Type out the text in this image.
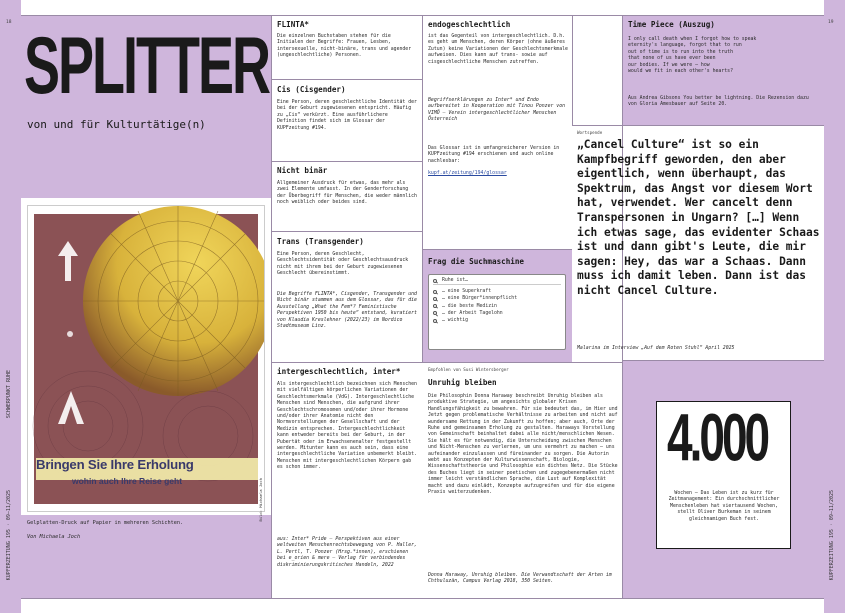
18	19
SCHWERPUNKT RUHE
KUPFERZEITUNG 195 · 09–11/2025	KUPFERZEITUNG 195 · 09–11/2025
SPLITTER
von und für Kulturtätige(n)
Bringen Sie Ihre Erholung
wohin auch Ihre Reise geht	Bild: Michaela Joch
Gelplatten-Druck auf Papier in mehreren Schichten.
Von Michaela Joch
FLINTA*
Die einzelnen Buchstaben stehen für die Initialen der Begriffe: Frauen, Lesben, intersexuelle, nicht-binäre, trans und agender (ungeschlechtliche) Personen.
Cis (Cisgender)
Eine Person, deren geschlechtliche Identität der bei der Geburt zugewiesenen entspricht. Häufig zu „Cis“ verkürzt. Eine ausführlichere Definition findet sich im Glossar der KUPFzeitung #194.
Nicht binär
Allgemeiner Ausdruck für etwas, das mehr als zwei Elemente umfasst. In der Genderforschung der Überbegriff für Menschen, die weder männlich noch weiblich oder beides sind.
Trans (Transgender)
Eine Person, deren Geschlecht, Geschlechtsidentität oder Geschlechtsausdruck nicht mit ihrem bei der Geburt zugewiesenen Geschlecht übereinstimmt.
Die Begriffe FLINTA*, Cisgender, Transgender und Nicht binär stammen aus dem Glossar, das für die Ausstellung „What the Fem*? Feministische Perspektiven 1950 bis heute“ entstand, kuratiert von Klaudia Kreslehner (2022/23) im Nordico Stadtmuseum Linz.
intergeschlechtlich, inter*
Als intergeschlechtlich bezeichnen sich Menschen mit vielfältigen körperlichen Variationen der Geschlechtsmerkmale (VdG). Intergeschlechtliche Menschen sind Menschen, die aufgrund ihrer Geschlechtschromosomen und/oder ihrer Hormone und/oder ihrer Anatomie nicht den Normvorstellungen der Gesellschaft und der Medizin entsprechen. Intergeschlechtlichkeit kann entweder bereits bei der Geburt, in der Pubertät oder im Erwachsenenalter festgestellt werden. Mitunter kann es auch sein, dass eine intergeschlechtliche Variation unbemerkt bleibt. Menschen mit intergeschlechtlichen Körpern gab es schon immer.
aus: Inter* Pride – Perspektiven aus einer weltweiten Menschenrechtsbewegung von P. Haller, L. Pertl, T. Ponzer (Hrsg.*innen), erschienen bei e_orien & mere – Verlag für verbindendes diskriminierungskritisches Handeln, 2022
endogeschlechtlich
ist das Gegenteil von intergeschlechtlich. D.h. es geht um Menschen, deren Körper (ohne äußeres Zutun) keine Variationen der Geschlechtsmerkmale aufweisen. Dies kann auf trans- sowie auf cisgeschlechtliche Menschen zutreffen.
Begriffserklärungen zu Inter* und Endo aufbereitet in Kooperation mit Tinou Ponzer von VIMÖ – Verein intergeschlechtlicher Menschen Österreich
Das Glossar ist in umfangreicherer Version in KUPFzeitung #194 erschienen und auch online nachlesbar:
kupf.at/zeitung/194/glossar
Frag die Suchmaschine
Ruhe ist…
… eine Superkraft
… eine Bürger*innenpflicht
… die beste Medizin
… der Arbeit Tagelohn
… wichtig
Empfohlen von Susi Wintersberger
Unruhig bleiben
Die Philosophin Donna Haraway beschreibt Unruhig bleiben als produktive Strategie, um angesichts globaler Krisen Handlungsfähigkeit zu bewahren. Für sie bedeutet das, im Hier und Jetzt gegen problematische Verhältnisse zu arbeiten und nicht auf wundersame Rettung in der Zukunft zu hoffen; aber auch, Orte der Ruhe und gemeinsamen Erholung zu gestalten. Haraways Vorstellung von Gemeinschaft beinhaltet dabei alle nicht/menschlichen Wesen. Sie hält es für notwendig, die Unterscheidung zwischen Menschen und Nicht-Menschen zu verlernen, um uns vermehrt zu machen – uns aufeinander einzulassen und füreinander zu sorgen. Die Autorin webt aus Konzepten der Kulturwissenschaft, Biologie, Wissenschaftstheorie und Philosophie ein dichtes Netz. Die Stücke des Buches liegt in seiner poetischen und zugegebenermaßen nicht immer leicht verständlichen Sprache, die Lust auf Komplexität macht und dazu einlädt, Konzepte aufzugreifen und für die eigene Praxis weiterzudenken.
Donna Haraway, Unruhig bleiben. Die Verwandtschaft der Arten im Chthuluzän, Campus Verlag 2018, 350 Seiten.
Time Piece (Auszug)
I only call death when I forgot how to speak
eternity's language, forgot that to run
out of time is to run into the truth
that none of us have ever been
our bodies. If we were – how
would we fit in each other's hearts?
Aus Andrea Gibsons You better be lightning. Die Rezension dazu von Gloria Amesbauer auf Seite 20.
Wortspende
„Cancel Culture“ ist so ein Kampfbegriff geworden, den aber eigentlich, wenn überhaupt, das Spektrum, das Angst vor diesem Wort hat, verwendet. Wer cancelt denn Transpersonen in Ungarn? […] Wenn ich etwas sage, das evidenter Schaas ist und dann gibt's Leute, die mir sagen: Hey, das war a Schaas. Dann muss ich damit leben. Dann ist das nicht Cancel Culture.
Malarina im Interview „Auf dem Roten Stuhl“ April 2025
4.000
Wochen – Das Leben ist zu kurz für Zeitmanagement: Ein durchschnittlicher Menschenleben hat viertausend Wochen, stellt Oliver Burkeman in seinem gleichnamigen Buch fest.
